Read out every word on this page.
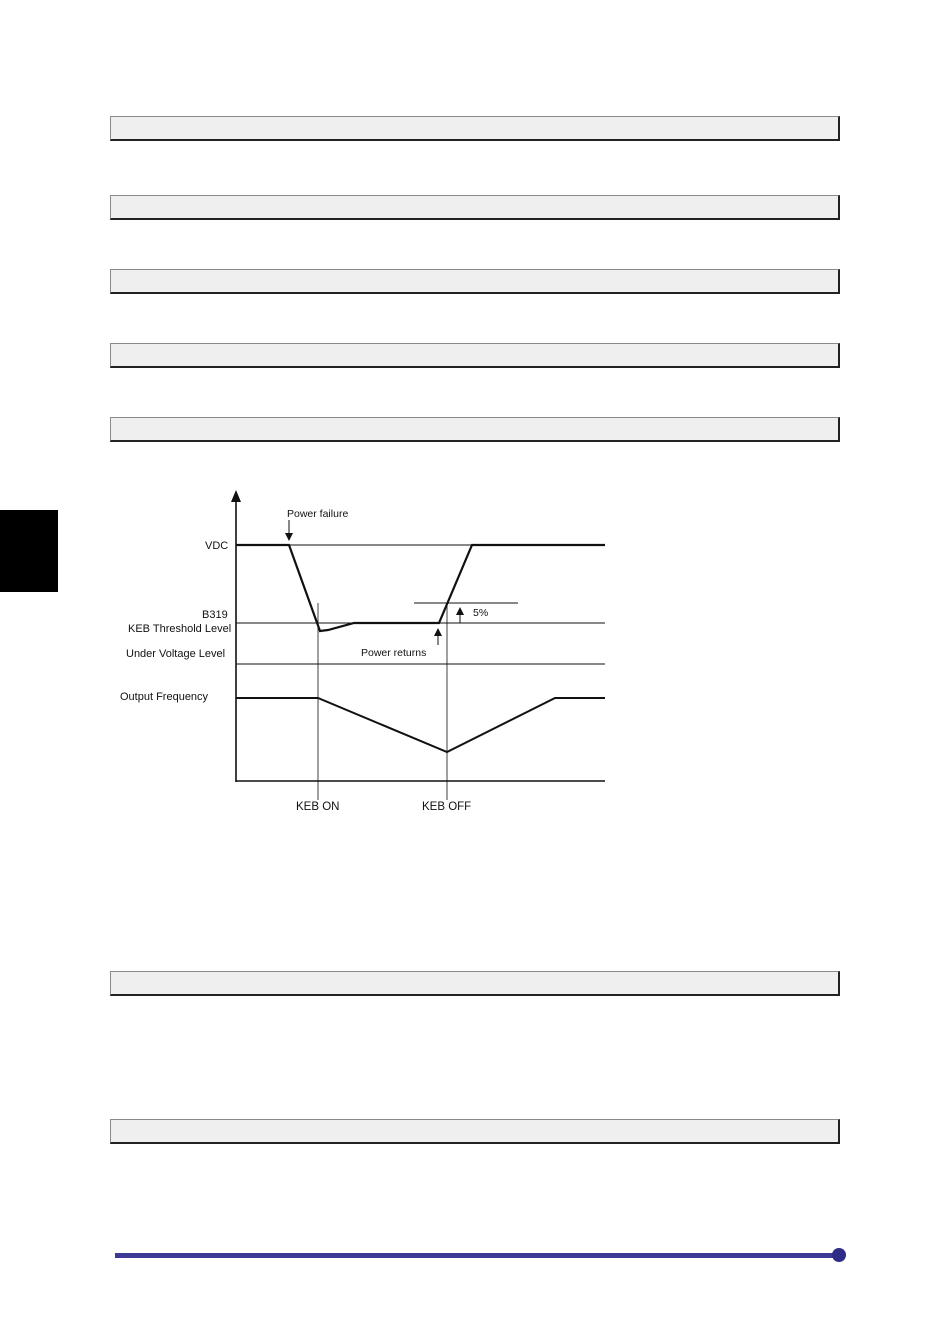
Power failure
VDC
B319
KEB Threshold Level
Under Voltage Level
Output Frequency
Power returns
5%
KEB ON	KEB OFF
